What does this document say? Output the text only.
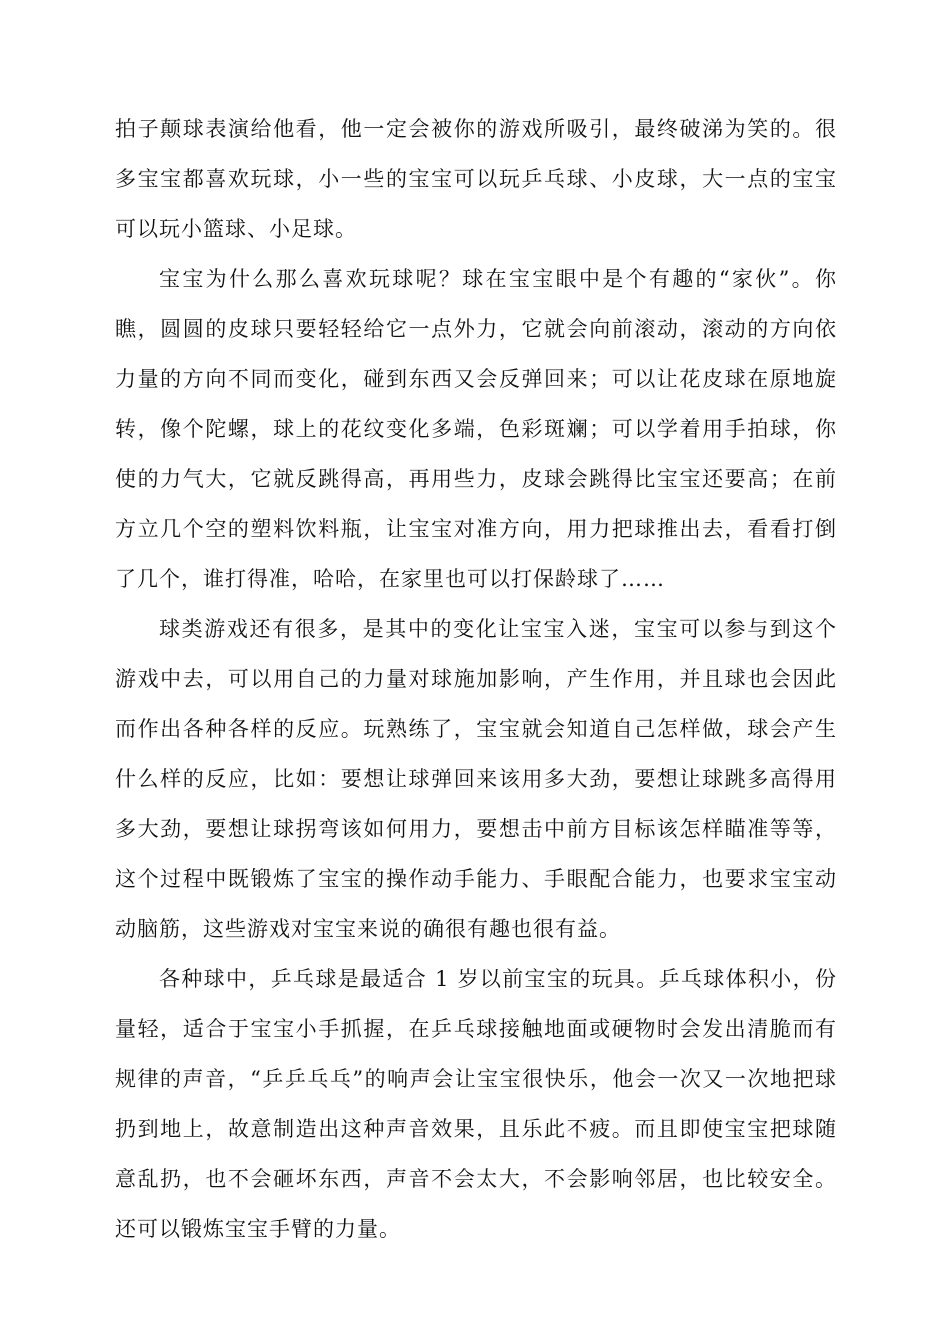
拍子颠球表演给他看，他一定会被你的游戏所吸引，最终破涕为笑的。很多宝宝都喜欢玩球，小一些的宝宝可以玩乒乓球、小皮球，大一点的宝宝可以玩小篮球、小足球。

宝宝为什么那么喜欢玩球呢？球在宝宝眼中是个有趣的“家伙”。你瞧，圆圆的皮球只要轻轻给它一点外力，它就会向前滚动，滚动的方向依力量的方向不同而变化，碰到东西又会反弹回来；可以让花皮球在原地旋转，像个陀螺，球上的花纹变化多端，色彩斑斓；可以学着用手拍球，你使的力气大，它就反跳得高，再用些力，皮球会跳得比宝宝还要高；在前方立几个空的塑料饮料瓶，让宝宝对准方向，用力把球推出去，看看打倒了几个，谁打得准，哈哈，在家里也可以打保龄球了……

球类游戏还有很多，是其中的变化让宝宝入迷，宝宝可以参与到这个游戏中去，可以用自己的力量对球施加影响，产生作用，并且球也会因此而作出各种各样的反应。玩熟练了，宝宝就会知道自己怎样做，球会产生什么样的反应，比如：要想让球弹回来该用多大劲，要想让球跳多高得用多大劲，要想让球拐弯该如何用力，要想击中前方目标该怎样瞄准等等，这个过程中既锻炼了宝宝的操作动手能力、手眼配合能力，也要求宝宝动动脑筋，这些游戏对宝宝来说的确很有趣也很有益。

各种球中，乒乓球是最适合 1 岁以前宝宝的玩具。乒乓球体积小，份量轻，适合于宝宝小手抓握，在乒乓球接触地面或硬物时会发出清脆而有规律的声音，“乒乒乓乓”的响声会让宝宝很快乐，他会一次又一次地把球扔到地上，故意制造出这种声音效果，且乐此不疲。而且即使宝宝把球随意乱扔，也不会砸坏东西，声音不会太大，不会影响邻居，也比较安全。还可以锻炼宝宝手臂的力量。
